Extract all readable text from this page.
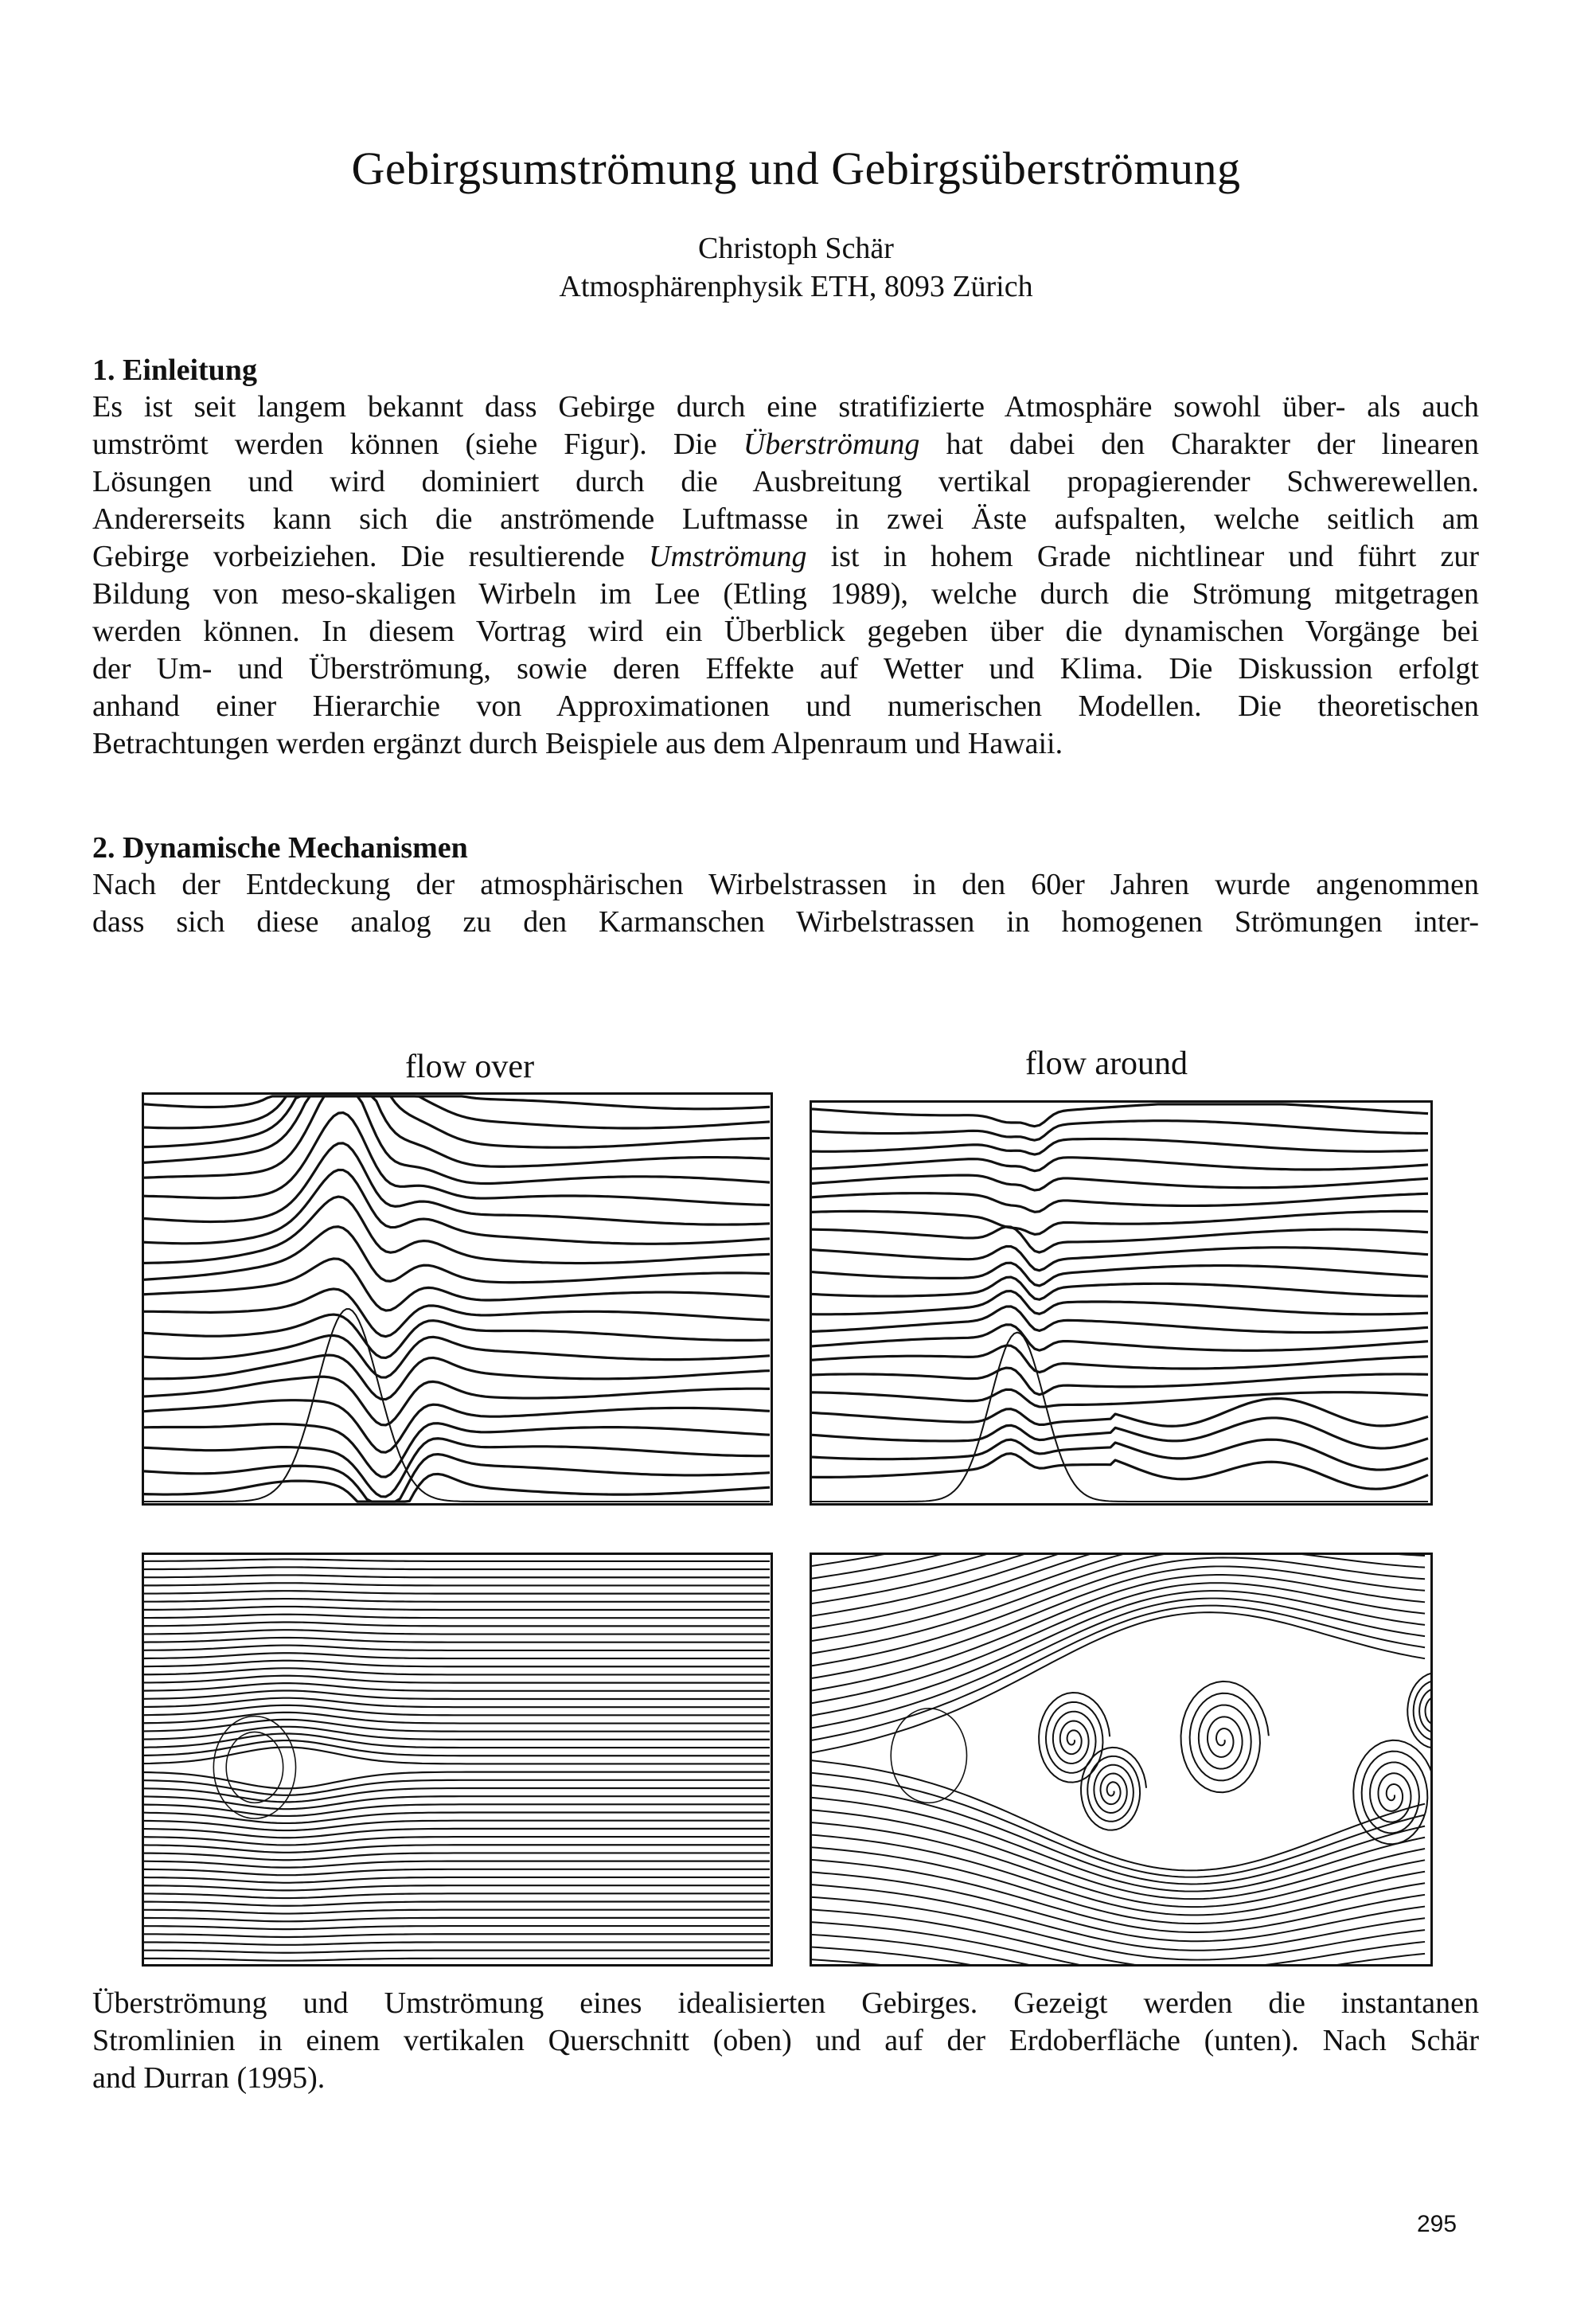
Gebirgsumströmung und Gebirgsüberströmung
Christoph Schär
Atmosphärenphysik ETH, 8093 Zürich
1. Einleitung
Es ist seit langem bekannt dass Gebirge durch eine stratifizierte Atmosphäre sowohl über- als auch
umströmt werden können (siehe Figur). Die Überströmung hat dabei den Charakter der linearen
Lösungen und wird dominiert durch die Ausbreitung vertikal propagierender Schwerewellen.
Andererseits kann sich die anströmende Luftmasse in zwei Äste aufspalten, welche seitlich am
Gebirge vorbeiziehen. Die resultierende Umströmung ist in hohem Grade nichtlinear und führt zur
Bildung von meso-skaligen Wirbeln im Lee (Etling 1989), welche durch die Strömung mitgetragen
werden können. In diesem Vortrag wird ein Überblick gegeben über die dynamischen Vorgänge bei
der Um- und Überströmung, sowie deren Effekte auf Wetter und Klima. Die Diskussion erfolgt
anhand einer Hierarchie von Approximationen und numerischen Modellen. Die theoretischen
Betrachtungen werden ergänzt durch Beispiele aus dem Alpenraum und Hawaii.
2. Dynamische Mechanismen
Nach der Entdeckung der atmosphärischen Wirbelstrassen in den 60er Jahren wurde angenommen
dass sich diese analog zu den Karmanschen Wirbelstrassen in homogenen Strömungen inter-
flow over	flow around
Überströmung und Umströmung eines idealisierten Gebirges. Gezeigt werden die instantanen
Stromlinien in einem vertikalen Querschnitt (oben) und auf der Erdoberfläche (unten). Nach Schär
and Durran (1995).
295
